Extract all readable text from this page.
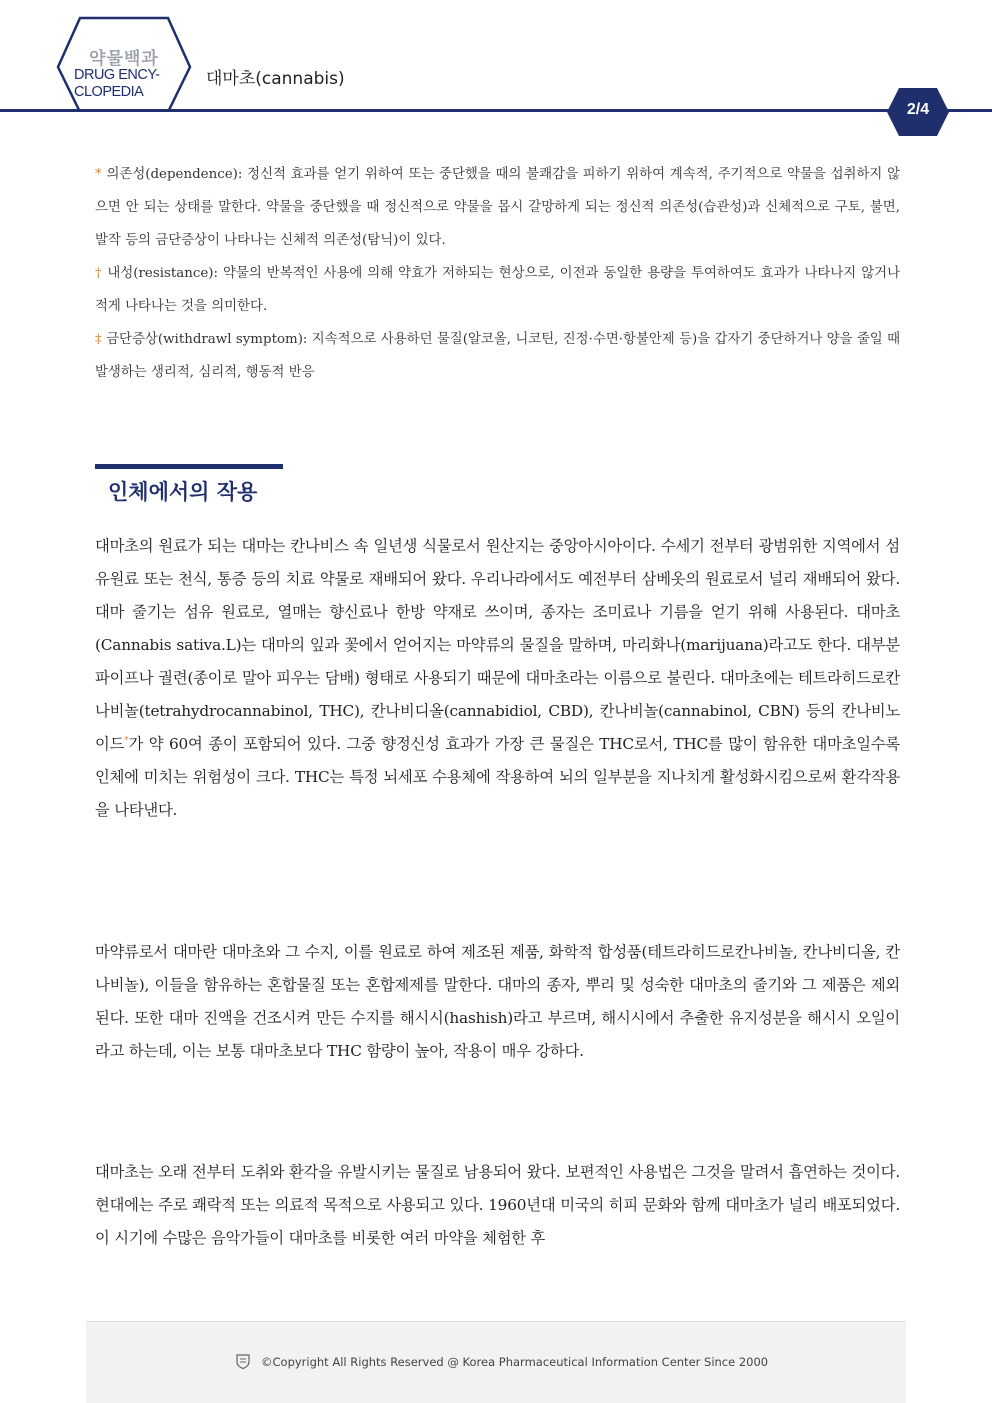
약물백과
DRUG ENCY-
CLOPEDIA
대마초(cannabis)
2/4

* 의존성(dependence): 정신적 효과를 얻기 위하여 또는 중단했을 때의 불쾌감을 피하기 위하여 계속적, 주기적으로 약물을 섭취하지 않으면 안 되는 상태를 말한다. 약물을 중단했을 때 정신적으로 약물을 몹시 갈망하게 되는 정신적 의존성(습관성)과 신체적으로 구토, 불면, 발작 등의 금단증상이 나타나는 신체적 의존성(탐닉)이 있다.

† 내성(resistance): 약물의 반복적인 사용에 의해 약효가 저하되는 현상으로, 이전과 동일한 용량을 투여하여도 효과가 나타나지 않거나 적게 나타나는 것을 의미한다.

‡ 금단증상(withdrawl symptom): 지속적으로 사용하던 물질(알코올, 니코틴, 진정·수면·항불안제 등)을 갑자기 중단하거나 양을 줄일 때 발생하는 생리적, 심리적, 행동적 반응

인체에서의 작용

대마초의 원료가 되는 대마는 칸나비스 속 일년생 식물로서 원산지는 중앙아시아이다. 수세기 전부터 광범위한 지역에서 섬유원료 또는 천식, 통증 등의 치료 약물로 재배되어 왔다. 우리나라에서도 예전부터 삼베옷의 원료로서 널리 재배되어 왔다. 대마 줄기는 섬유 원료로, 열매는 향신료나 한방 약재로 쓰이며, 종자는 조미료나 기름을 얻기 위해 사용된다. 대마초(Cannabis sativa.L)는 대마의 잎과 꽃에서 얻어지는 마약류의 물질을 말하며, 마리화나(marijuana)라고도 한다. 대부분 파이프나 궐련(종이로 말아 피우는 담배) 형태로 사용되기 때문에 대마초라는 이름으로 불린다. 대마초에는 테트라히드로칸나비놀(tetrahydrocannabinol, THC), 칸나비디올(cannabidiol, CBD), 칸나비놀(cannabinol, CBN) 등의 칸나비노이드*가 약 60여 종이 포함되어 있다. 그중 향정신성 효과가 가장 큰 물질은 THC로서, THC를 많이 함유한 대마초일수록 인체에 미치는 위험성이 크다. THC는 특정 뇌세포 수용체에 작용하여 뇌의 일부분을 지나치게 활성화시킴으로써 환각작용을 나타낸다.

마약류로서 대마란 대마초와 그 수지, 이를 원료로 하여 제조된 제품, 화학적 합성품(테트라히드로칸나비놀, 칸나비디올, 칸나비놀), 이들을 함유하는 혼합물질 또는 혼합제제를 말한다. 대마의 종자, 뿌리 및 성숙한 대마초의 줄기와 그 제품은 제외된다. 또한 대마 진액을 건조시켜 만든 수지를 해시시(hashish)라고 부르며, 해시시에서 추출한 유지성분을 해시시 오일이라고 하는데, 이는 보통 대마초보다 THC 함량이 높아, 작용이 매우 강하다.

대마초는 오래 전부터 도취와 환각을 유발시키는 물질로 남용되어 왔다. 보편적인 사용법은 그것을 말려서 흡연하는 것이다. 현대에는 주로 쾌락적 또는 의료적 목적으로 사용되고 있다. 1960년대 미국의 히피 문화와 함께 대마초가 널리 배포되었다. 이 시기에 수많은 음악가들이 대마초를 비롯한 여러 마약을 체험한 후

©Copyright All Rights Reserved @ Korea Pharmaceutical Information Center Since 2000
